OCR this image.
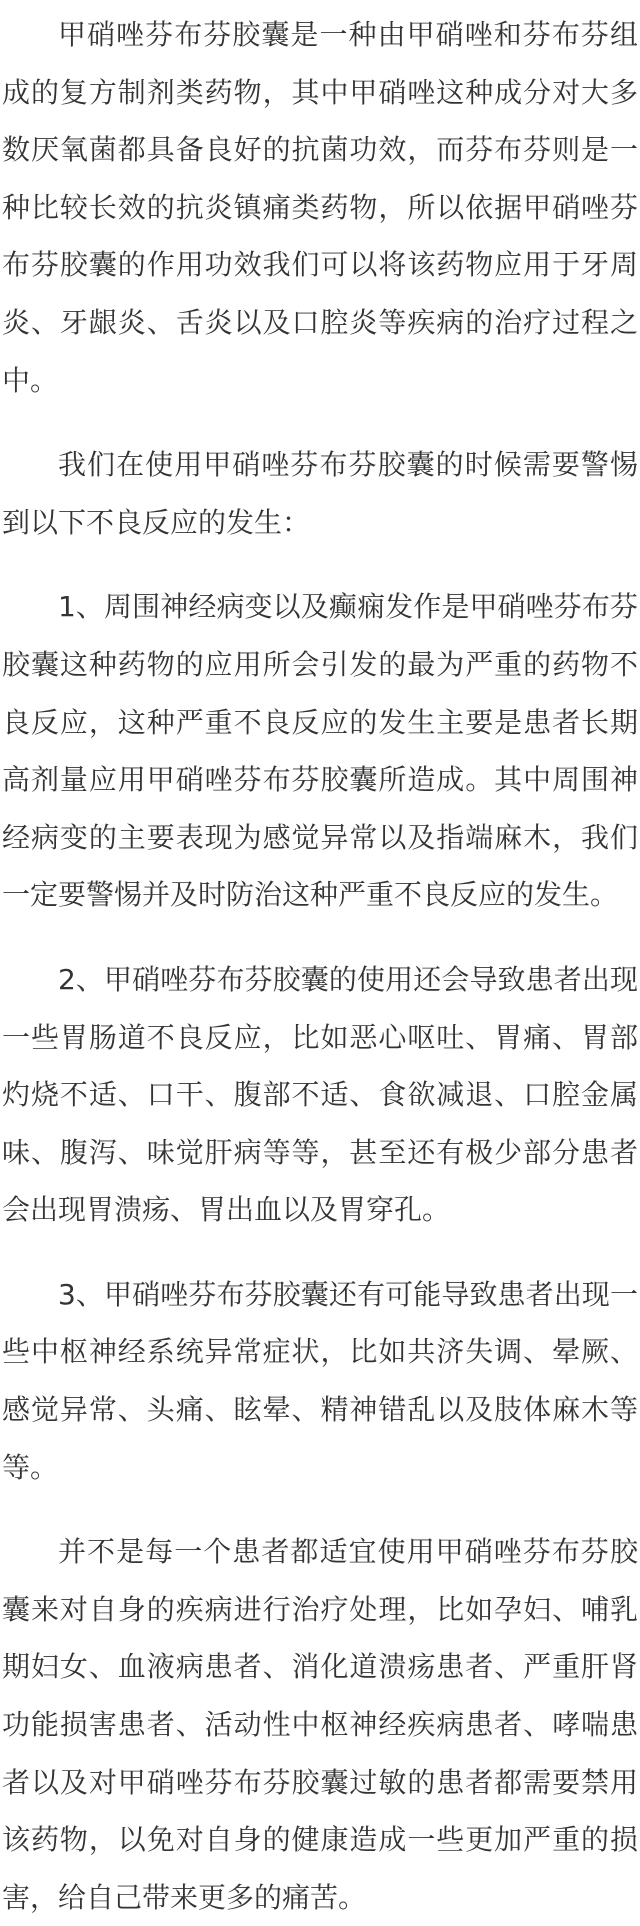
甲硝唑芬布芬胶囊是一种由甲硝唑和芬布芬组成的复方制剂类药物，其中甲硝唑这种成分对大多数厌氧菌都具备良好的抗菌功效，而芬布芬则是一种比较长效的抗炎镇痛类药物，所以依据甲硝唑芬布芬胶囊的作用功效我们可以将该药物应用于牙周炎、牙龈炎、舌炎以及口腔炎等疾病的治疗过程之中。

我们在使用甲硝唑芬布芬胶囊的时候需要警惕到以下不良反应的发生：

1、周围神经病变以及癫痫发作是甲硝唑芬布芬胶囊这种药物的应用所会引发的最为严重的药物不良反应，这种严重不良反应的发生主要是患者长期高剂量应用甲硝唑芬布芬胶囊所造成。其中周围神经病变的主要表现为感觉异常以及指端麻木，我们一定要警惕并及时防治这种严重不良反应的发生。

2、甲硝唑芬布芬胶囊的使用还会导致患者出现一些胃肠道不良反应，比如恶心呕吐、胃痛、胃部灼烧不适、口干、腹部不适、食欲减退、口腔金属味、腹泻、味觉肝病等等，甚至还有极少部分患者会出现胃溃疡、胃出血以及胃穿孔。

3、甲硝唑芬布芬胶囊还有可能导致患者出现一些中枢神经系统异常症状，比如共济失调、晕厥、感觉异常、头痛、眩晕、精神错乱以及肢体麻木等等。

并不是每一个患者都适宜使用甲硝唑芬布芬胶囊来对自身的疾病进行治疗处理，比如孕妇、哺乳期妇女、血液病患者、消化道溃疡患者、严重肝肾功能损害患者、活动性中枢神经疾病患者、哮喘患者以及对甲硝唑芬布芬胶囊过敏的患者都需要禁用该药物，以免对自身的健康造成一些更加严重的损害，给自己带来更多的痛苦。
